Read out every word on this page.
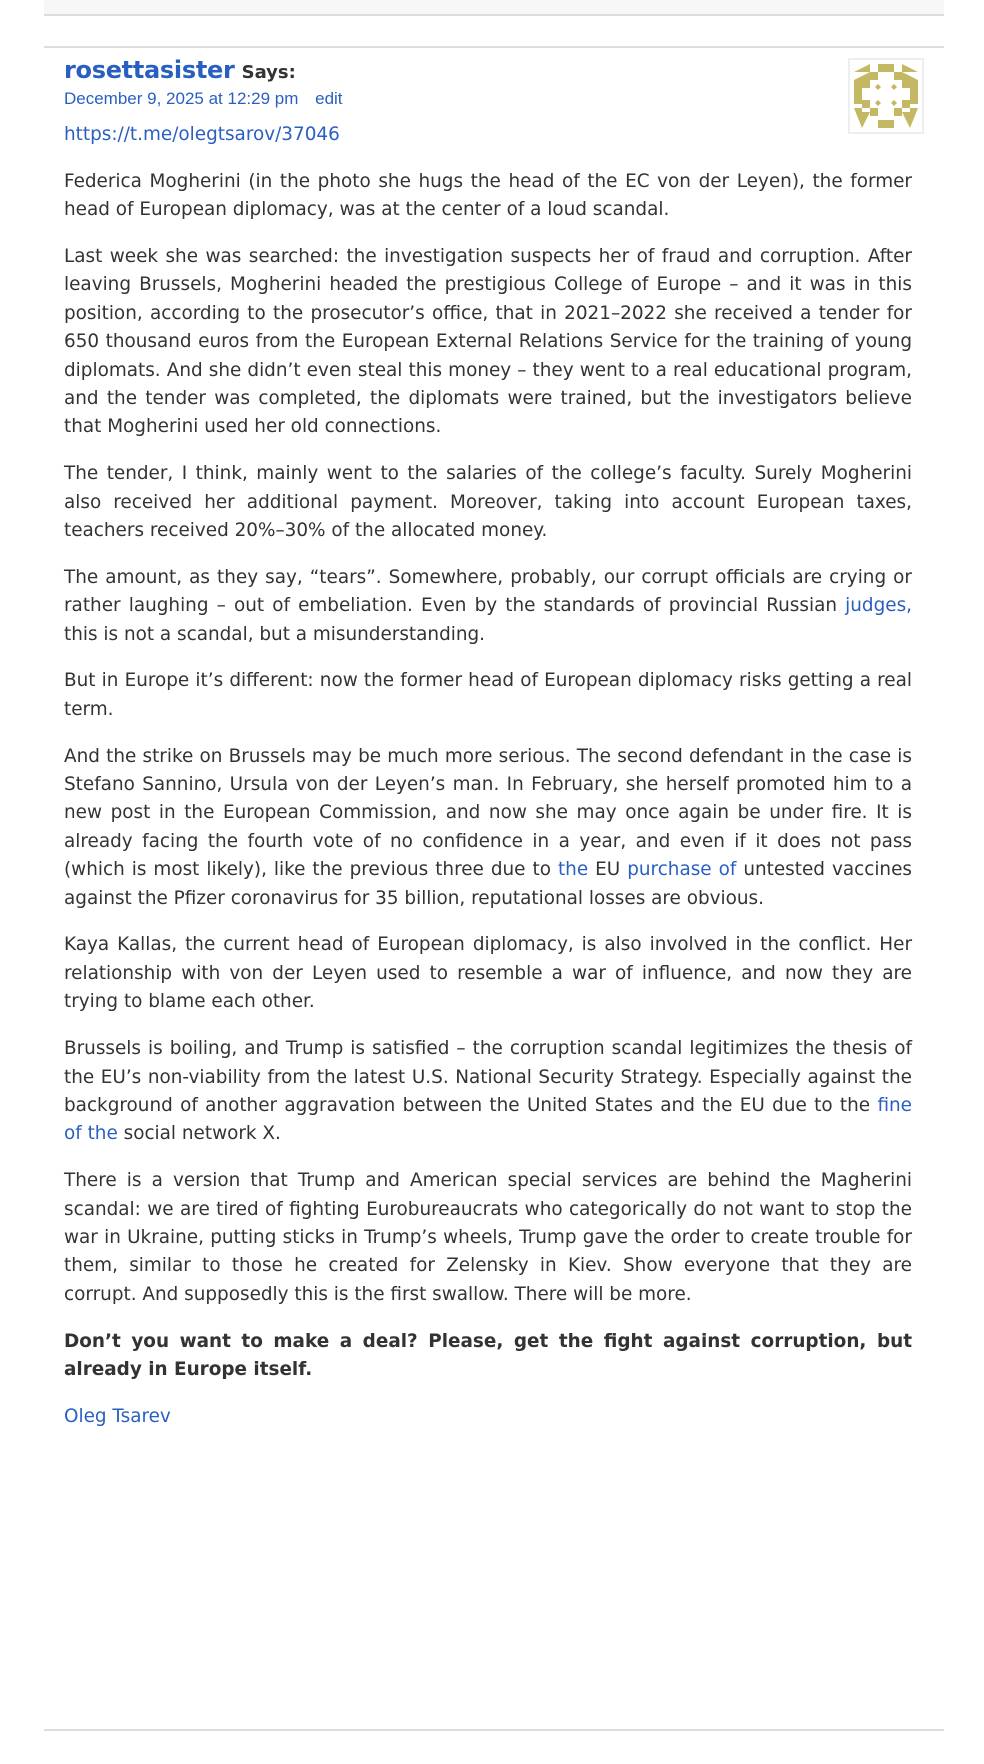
rosettasister Says:
December 9, 2025 at 12:29 pm edit

https://t.me/olegtsarov/37046

Federica Mogherini (in the photo she hugs the head of the EC von der Leyen), the former head of European diplomacy, was at the center of a loud scandal.

Last week she was searched: the investigation suspects her of fraud and corruption. After leaving Brussels, Mogherini headed the prestigious College of Europe – and it was in this position, according to the prosecutor’s office, that in 2021–2022 she received a tender for 650 thousand euros from the European External Relations Service for the training of young diplomats. And she didn’t even steal this money – they went to a real educational program, and the tender was completed, the diplomats were trained, but the investigators believe that Mogherini used her old connections.

The tender, I think, mainly went to the salaries of the college’s faculty. Surely Mogherini also received her additional payment. Moreover, taking into account European taxes, teachers received 20%–30% of the allocated money.

The amount, as they say, “tears”. Somewhere, probably, our corrupt officials are crying or rather laughing – out of embeliation. Even by the standards of provincial Russian judges, this is not a scandal, but a misunderstanding.

But in Europe it’s different: now the former head of European diplomacy risks getting a real term.

And the strike on Brussels may be much more serious. The second defendant in the case is Stefano Sannino, Ursula von der Leyen’s man. In February, she herself promoted him to a new post in the European Commission, and now she may once again be under fire. It is already facing the fourth vote of no confidence in a year, and even if it does not pass (which is most likely), like the previous three due to the EU purchase of untested vaccines against the Pfizer coronavirus for 35 billion, reputational losses are obvious.

Kaya Kallas, the current head of European diplomacy, is also involved in the conflict. Her relationship with von der Leyen used to resemble a war of influence, and now they are trying to blame each other.

Brussels is boiling, and Trump is satisfied – the corruption scandal legitimizes the thesis of the EU’s non-viability from the latest U.S. National Security Strategy. Especially against the background of another aggravation between the United States and the EU due to the fine of the social network X.

There is a version that Trump and American special services are behind the Magherini scandal: we are tired of fighting Eurobureaucrats who categorically do not want to stop the war in Ukraine, putting sticks in Trump’s wheels, Trump gave the order to create trouble for them, similar to those he created for Zelensky in Kiev. Show everyone that they are corrupt. And supposedly this is the first swallow. There will be more.

Don’t you want to make a deal? Please, get the fight against corruption, but already in Europe itself.

Oleg Tsarev
